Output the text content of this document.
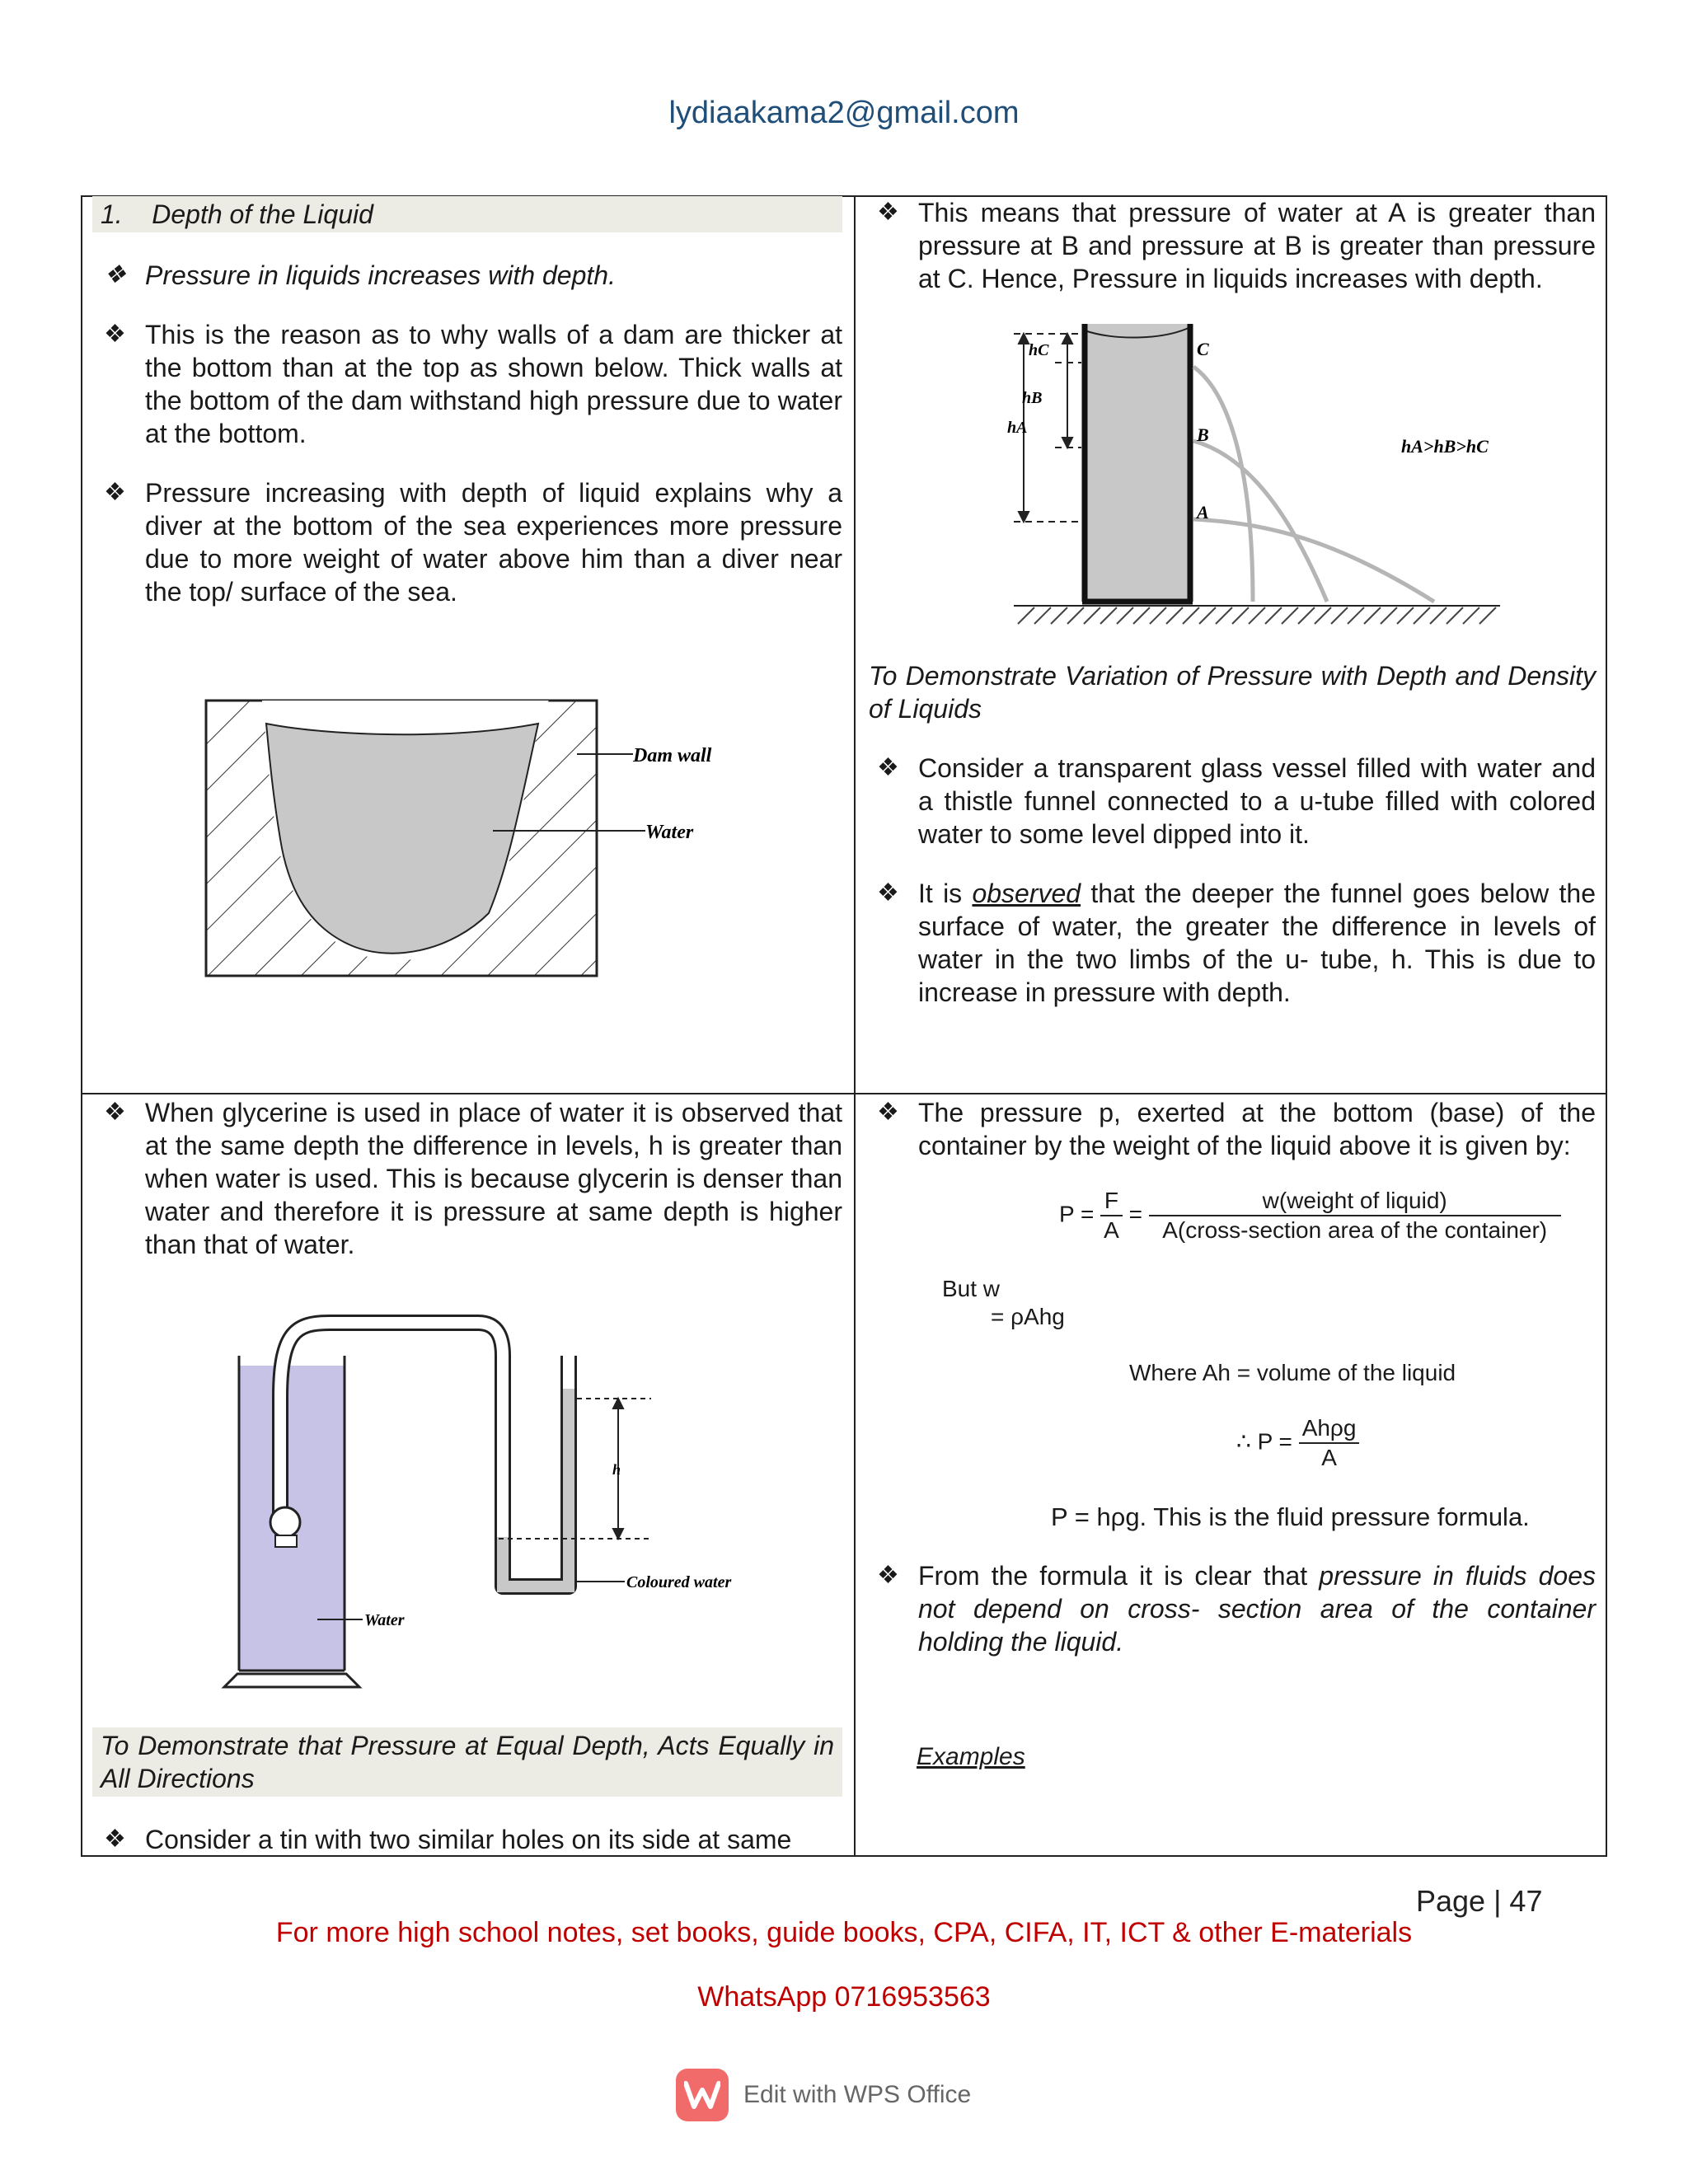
lydiaakama2@gmail.com
1. Depth of the Liquid

❖ Pressure in liquids increases with depth.

❖ This is the reason as to why walls of a dam are thicker at the bottom than at the top as shown below. Thick walls at the bottom of the dam withstand high pressure due to water at the bottom.

❖ Pressure increasing with depth of liquid explains why a diver at the bottom of the sea experiences more pressure due to more weight of water above him than a diver near the top/ surface of the sea.

Dam wall
Water

❖ This means that pressure of water at A is greater than pressure at B and pressure at B is greater than pressure at C. Hence, Pressure in liquids increases with depth.

hA
hB
hC	C
B
A
hA>hB>hC
To Demonstrate Variation of Pressure with Depth and Density of Liquids

❖ Consider a transparent glass vessel filled with water and a thistle funnel connected to a u-tube filled with colored water to some level dipped into it.

❖ It is observed that the deeper the funnel goes below the surface of water, the greater the difference in levels of water in the two limbs of the u- tube, h. This is due to increase in pressure with depth.

❖ When glycerine is used in place of water it is observed that at the same depth the difference in levels, h is greater than when water is used. This is because glycerin is denser than water and therefore it is pressure at same depth is higher than that of water.

h
Coloured water
Water
To Demonstrate that Pressure at Equal Depth, Acts Equally in All Directions

❖ Consider a tin with two similar holes on its side at same

❖ The pressure p, exerted at the bottom (base) of the container by the weight of the liquid above it is given by:

$P = \frac{F}{A} = \frac{\text{w(weight of liquid)}}{\text{A(cross-section area of the container)}}$
But w
= ρAhg
Where Ah = volume of the liquid
∴ $P = \frac{\text{Ahρg}}{A}$
P = hρg. This is the fluid pressure formula.

❖ From the formula it is clear that pressure in fluids does not depend on cross- section area of the container holding the liquid.

Examples
Page | 47
For more high school notes, set books, guide books, CPA, CIFA, IT, ICT & other E-materials
WhatsApp 0716953563
Edit with WPS Office
